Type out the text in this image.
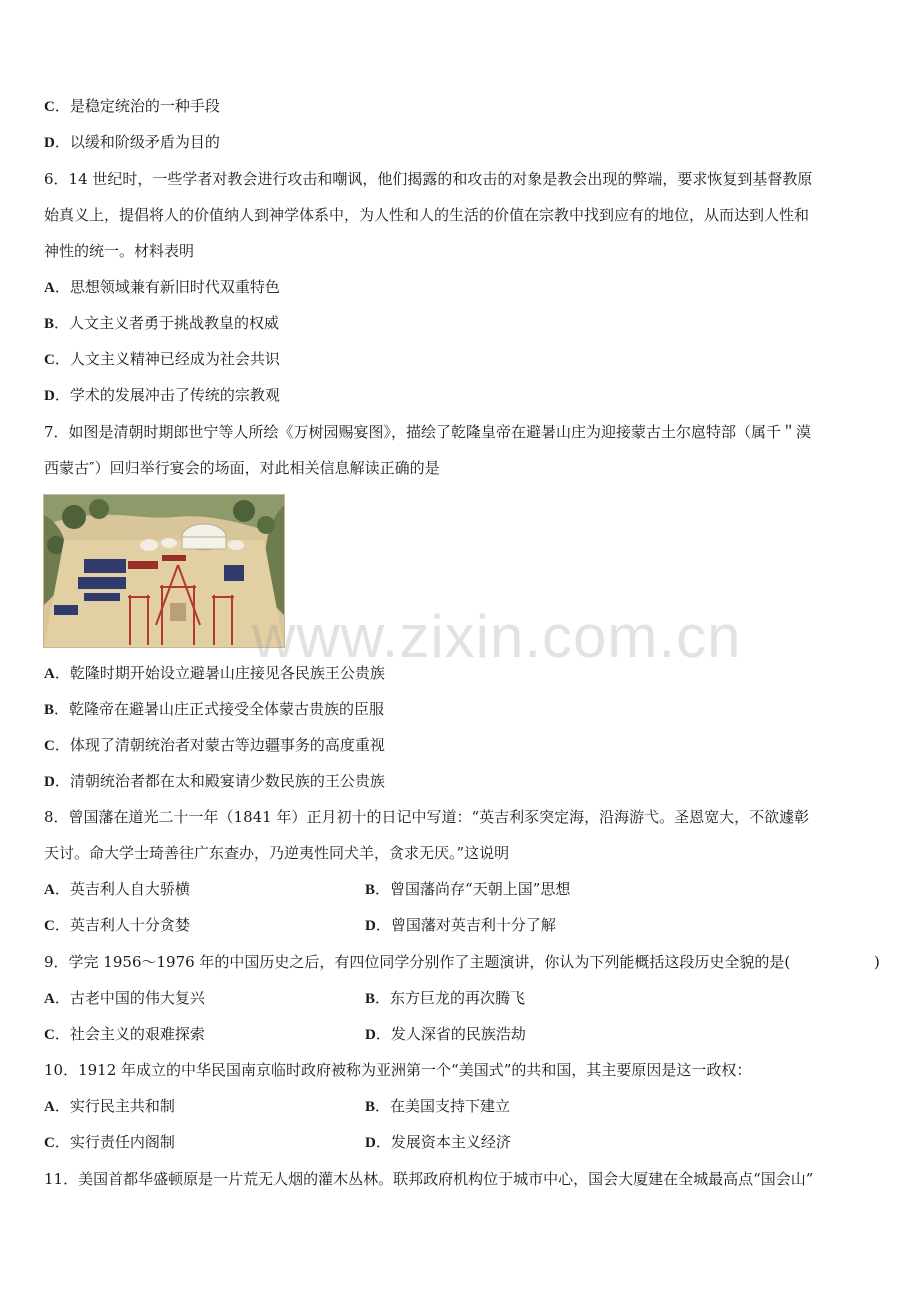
C．是稳定统治的一种手段
D．以缓和阶级矛盾为目的
6．14 世纪时，一些学者对教会进行攻击和嘲讽，他们揭露的和攻击的对象是教会出现的弊端，要求恢复到基督教原
始真义上，提倡将人的价值纳人到神学体系中，为人性和人的生活的价值在宗教中找到应有的地位，从而达到人性和
神性的统一。材料表明
A．思想领域兼有新旧时代双重特色
B．人文主义者勇于挑战教皇的权威
C．人文主义精神已经成为社会共识
D．学术的发展冲击了传统的宗教观
7．如图是清朝时期郎世宁等人所绘《万树园赐宴图》，描绘了乾隆皇帝在避暑山庄为迎接蒙古土尔扈特部（属千＂漠
西蒙古″）回归举行宴会的场面，对此相关信息解读正确的是
www.zixin.com.cn
A．乾隆时期开始设立避暑山庄接见各民族王公贵族
B．乾隆帝在避暑山庄正式接受全体蒙古贵族的臣服
C．体现了清朝统治者对蒙古等边疆事务的高度重视
D．清朝统治者都在太和殿宴请少数民族的王公贵族
8．曾国藩在道光二十一年（1841 年）正月初十的日记中写道：“英吉利豕突定海，沿海游弋。圣恩宽大，不欲遽彰
天讨。命大学士琦善往广东查办，乃逆夷性同犬羊，贪求无厌。”这说明
A．英吉利人自大骄横	B．曾国藩尚存“天朝上国”思想
C．英吉利人十分贪婪	D．曾国藩对英吉利十分了解
9．学完 1956～1976 年的中国历史之后，有四位同学分别作了主题演讲，你认为下列能概括这段历史全貌的是(	)
A．古老中国的伟大复兴	B．东方巨龙的再次腾飞
C．社会主义的艰难探索	D．发人深省的民族浩劫
10．1912 年成立的中华民国南京临时政府被称为亚洲第一个“美国式”的共和国，其主要原因是这一政权：
A．实行民主共和制	B．在美国支持下建立
C．实行责任内阁制	D．发展资本主义经济
11．美国首都华盛顿原是一片荒无人烟的灌木丛林。联邦政府机构位于城市中心，国会大厦建在全城最高点“国会山”
